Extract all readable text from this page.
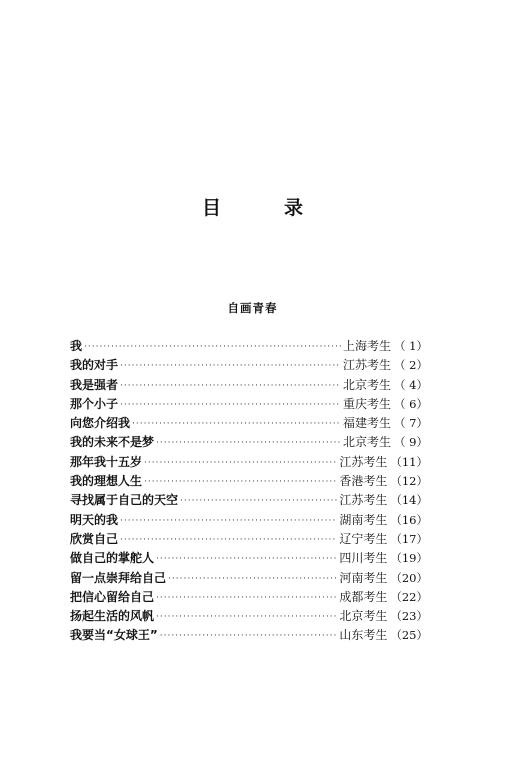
目　录
自画青春
我 ·····	上海考生 （ 1）
我的对手 ·····	江苏考生 （ 2）
我是强者 ·····	北京考生 （ 4）
那个小子 ·····	重庆考生 （ 6）
向您介绍我 ·····	福建考生 （ 7）
我的未来不是梦 ·····	北京考生 （ 9）
那年我十五岁 ·····	江苏考生 （11）
我的理想人生 ·····	香港考生 （12）
寻找属于自己的天空 ·····	江苏考生 （14）
明天的我 ·····	湖南考生 （16）
欣赏自己 ·····	辽宁考生 （17）
做自己的掌舵人 ·····	四川考生 （19）
留一点崇拜给自己 ·····	河南考生 （20）
把信心留给自己 ·····	成都考生 （22）
扬起生活的风帆 ·····	北京考生 （23）
我要当“女球王” ·····	山东考生 （25）
